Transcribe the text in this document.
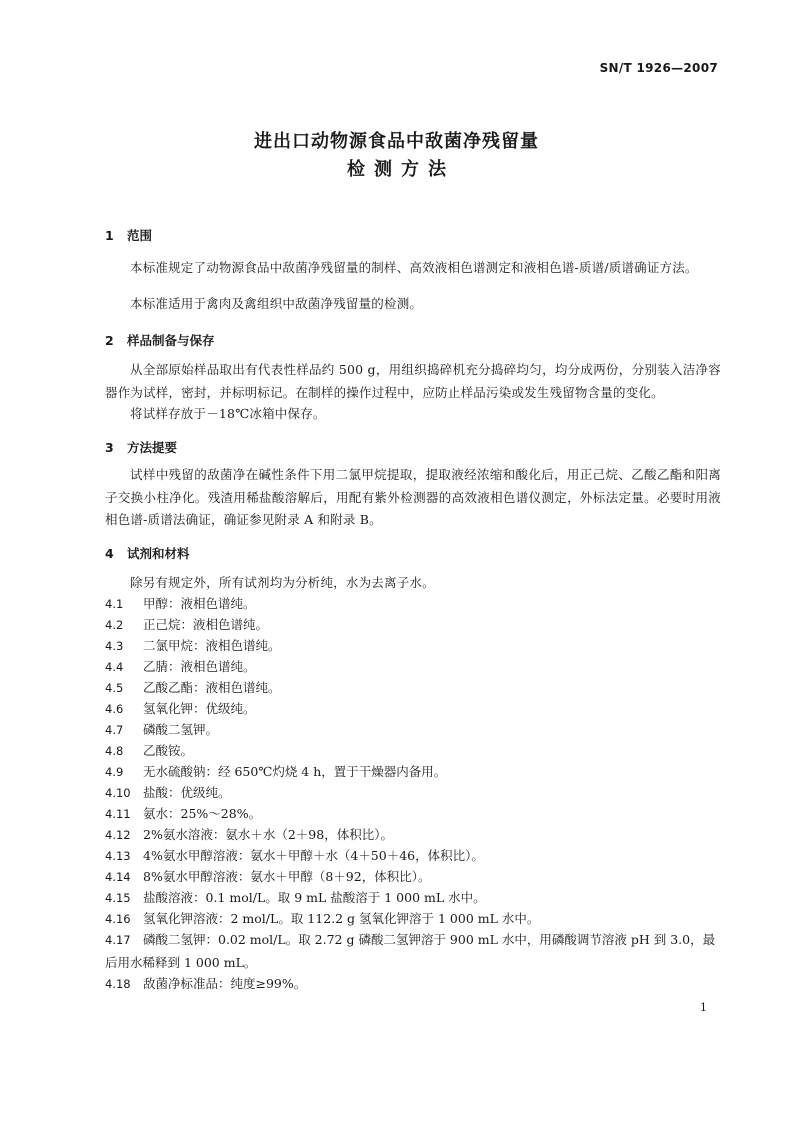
SN/T 1926—2007
进出口动物源食品中敌菌净残留量
检测方法
1 范围
本标准规定了动物源食品中敌菌净残留量的制样、高效液相色谱测定和液相色谱-质谱/质谱确证方法。
本标准适用于禽肉及禽组织中敌菌净残留量的检测。
2 样品制备与保存
从全部原始样品取出有代表性样品约 500 g，用组织捣碎机充分捣碎均匀，均分成两份，分别装入洁净容器作为试样，密封，并标明标记。在制样的操作过程中，应防止样品污染或发生残留物含量的变化。
将试样存放于－18℃冰箱中保存。
3 方法提要
试样中残留的敌菌净在碱性条件下用二氯甲烷提取，提取液经浓缩和酸化后，用正己烷、乙酸乙酯和阳离子交换小柱净化。残渣用稀盐酸溶解后，用配有紫外检测器的高效液相色谱仪测定，外标法定量。必要时用液相色谱-质谱法确证，确证参见附录 A 和附录 B。
4 试剂和材料
除另有规定外，所有试剂均为分析纯，水为去离子水。
4.1 甲醇：液相色谱纯。
4.2 正己烷：液相色谱纯。
4.3 二氯甲烷：液相色谱纯。
4.4 乙腈：液相色谱纯。
4.5 乙酸乙酯：液相色谱纯。
4.6 氢氧化钾：优级纯。
4.7 磷酸二氢钾。
4.8 乙酸铵。
4.9 无水硫酸钠：经 650℃灼烧 4 h，置于干燥器内备用。
4.10 盐酸：优级纯。
4.11 氨水：25%～28%。
4.12 2%氨水溶液：氨水＋水（2＋98，体积比）。
4.13 4%氨水甲醇溶液：氨水＋甲醇＋水（4＋50＋46，体积比）。
4.14 8%氨水甲醇溶液：氨水＋甲醇（8＋92，体积比）。
4.15 盐酸溶液：0.1 mol/L。取 9 mL 盐酸溶于 1 000 mL 水中。
4.16 氢氧化钾溶液：2 mol/L。取 112.2 g 氢氧化钾溶于 1 000 mL 水中。
4.17 磷酸二氢钾：0.02 mol/L。取 2.72 g 磷酸二氢钾溶于 900 mL 水中，用磷酸调节溶液 pH 到 3.0，最后用水稀释到 1 000 mL。
4.18 敌菌净标准品：纯度≥99%。
1
